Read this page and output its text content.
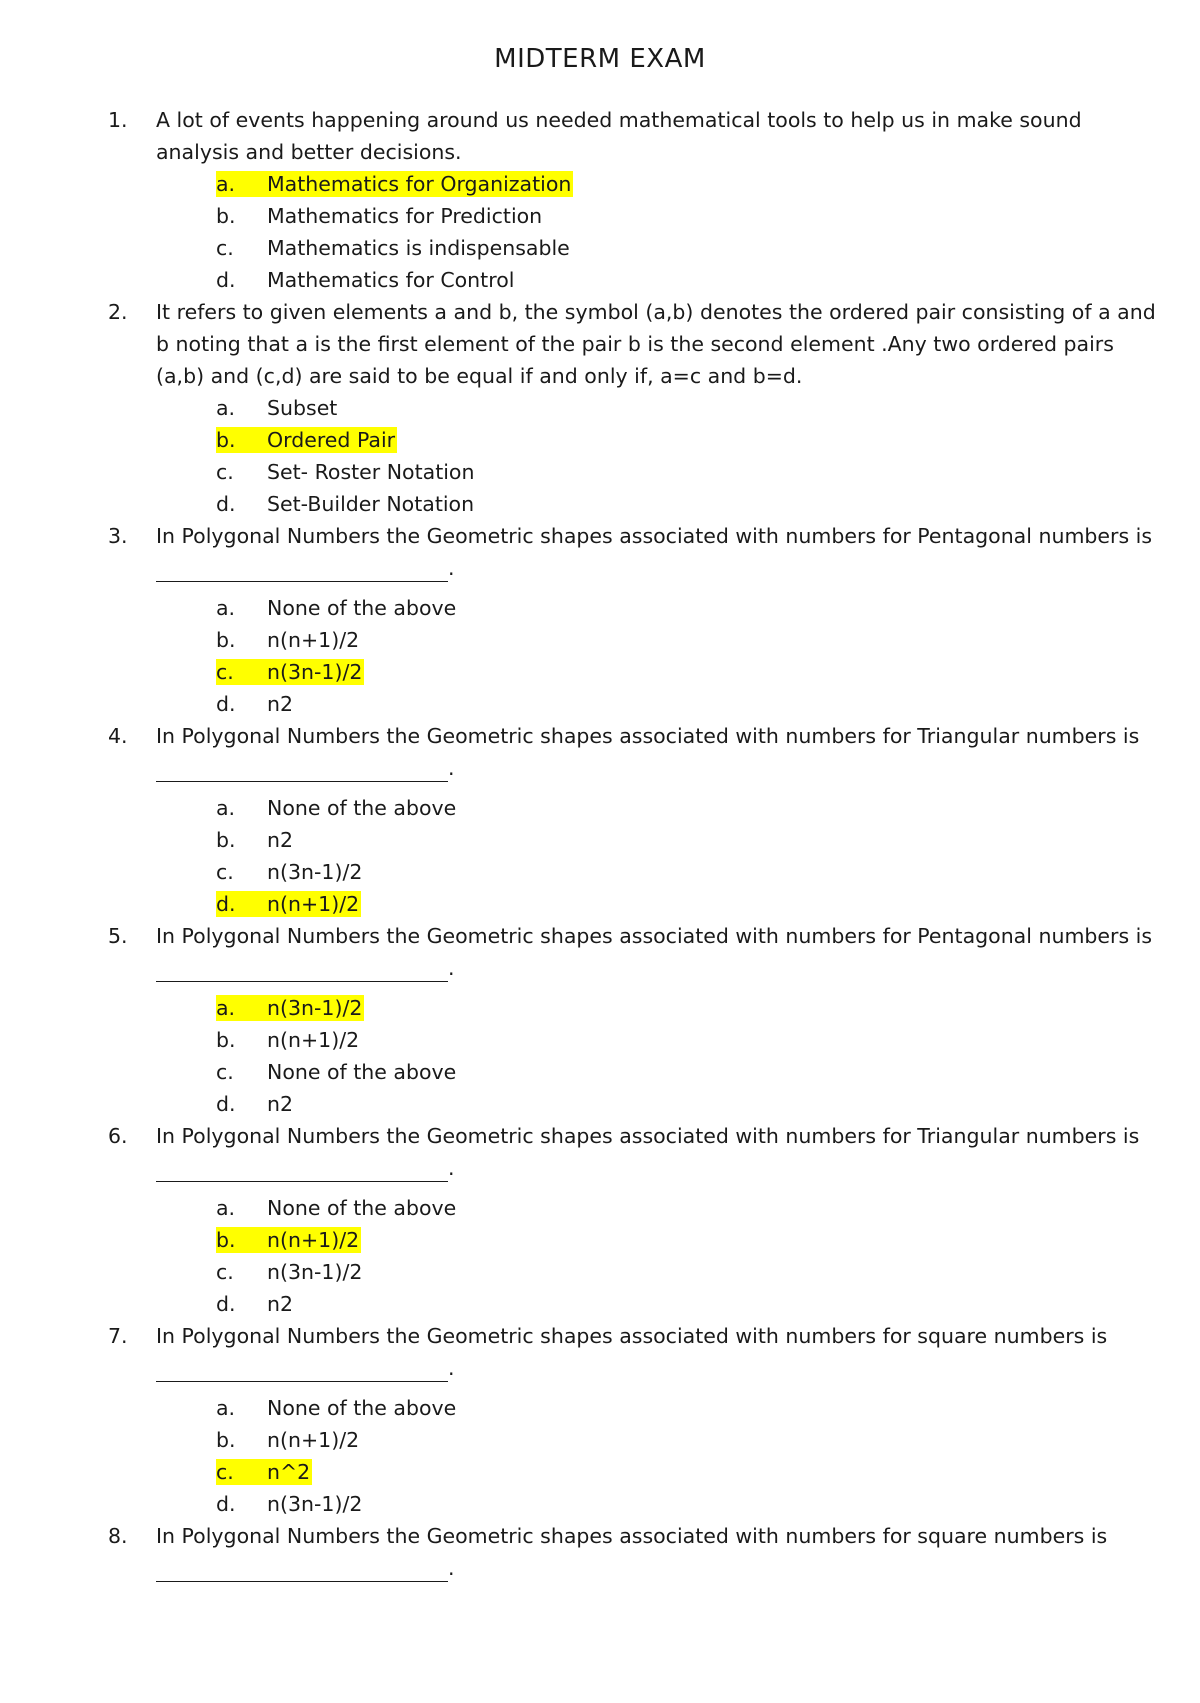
MIDTERM EXAM
1. A lot of events happening around us needed mathematical tools to help us in make sound analysis and better decisions.
a. Mathematics for Organization
b. Mathematics for Prediction
c. Mathematics is indispensable
d. Mathematics for Control
2. It refers to given elements a and b, the symbol (a,b) denotes the ordered pair consisting of a and b noting that a is the first element of the pair b is the second element .Any two ordered pairs (a,b) and (c,d) are said to be equal if and only if, a=c and b=d.
a. Subset
b. Ordered Pair
c. Set- Roster Notation
d. Set-Builder Notation
3. In Polygonal Numbers the Geometric shapes associated with numbers for Pentagonal numbers is.
a. None of the above
b. n(n+1)/2
c. n(3n-1)/2
d. n2
4. In Polygonal Numbers the Geometric shapes associated with numbers for Triangular numbers is.
a. None of the above
b. n2
c. n(3n-1)/2
d. n(n+1)/2
5. In Polygonal Numbers the Geometric shapes associated with numbers for Pentagonal numbers is.
a. n(3n-1)/2
b. n(n+1)/2
c. None of the above
d. n2
6. In Polygonal Numbers the Geometric shapes associated with numbers for Triangular numbers is.
a. None of the above
b. n(n+1)/2
c. n(3n-1)/2
d. n2
7. In Polygonal Numbers the Geometric shapes associated with numbers for square numbers is.
a. None of the above
b. n(n+1)/2
c. n^2
d. n(3n-1)/2
8. In Polygonal Numbers the Geometric shapes associated with numbers for square numbers is.
